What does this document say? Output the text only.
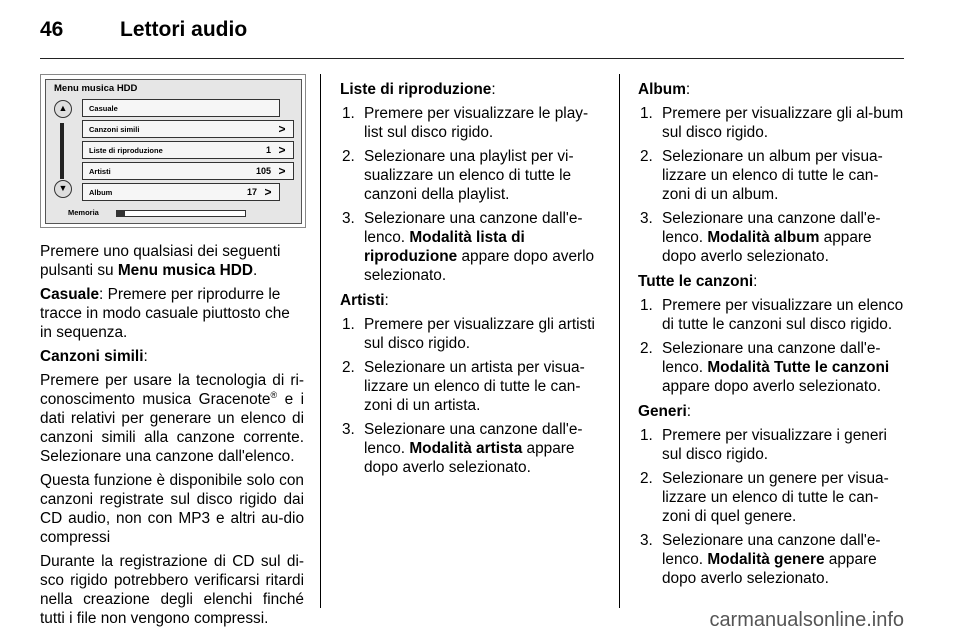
46	Lettori audio
Menu musica HDD
▲
▼
Casuale
Canzoni simili	>
Liste di riproduzione	1 >
Artisti	105 >
Album	17 >
Memoria

Premere uno qualsiasi dei seguenti pulsanti su Menu musica HDD.

Casuale: Premere per riprodurre le tracce in modo casuale piuttosto che in sequenza.

Canzoni simili:

Premere per usare la tecnologia di ri-conoscimento musica Gracenote® e i dati relativi per generare un elenco di canzoni simili alla canzone corrente. Selezionare una canzone dall'elenco.

Questa funzione è disponibile solo con canzoni registrate sul disco rigido dai CD audio, non con MP3 e altri au-dio compressi

Durante la registrazione di CD sul di-sco rigido potrebbero verificarsi ritardi nella creazione degli elenchi finché tutti i file non vengono compressi.

Liste di riproduzione:

1. Premere per visualizzare le play-list sul disco rigido.
2. Selezionare una playlist per vi-sualizzare un elenco di tutte le canzoni della playlist.
3. Selezionare una canzone dall'e-lenco. Modalità lista di riproduzione appare dopo averlo selezionato.

Artisti:

1. Premere per visualizzare gli artisti sul disco rigido.
2. Selezionare un artista per visua-lizzare un elenco di tutte le can-zoni di un artista.
3. Selezionare una canzone dall'e-lenco. Modalità artista appare dopo averlo selezionato.

Album:

1. Premere per visualizzare gli al-bum sul disco rigido.
2. Selezionare un album per visua-lizzare un elenco di tutte le can-zoni di un album.
3. Selezionare una canzone dall'e-lenco. Modalità album appare dopo averlo selezionato.

Tutte le canzoni:

1. Premere per visualizzare un elenco di tutte le canzoni sul disco rigido.
2. Selezionare una canzone dall'e-lenco. Modalità Tutte le canzoni appare dopo averlo selezionato.

Generi:

1. Premere per visualizzare i generi sul disco rigido.
2. Selezionare un genere per visua-lizzare un elenco di tutte le can-zoni di quel genere.
3. Selezionare una canzone dall'e-lenco. Modalità genere appare dopo averlo selezionato.
carmanualsonline.info
